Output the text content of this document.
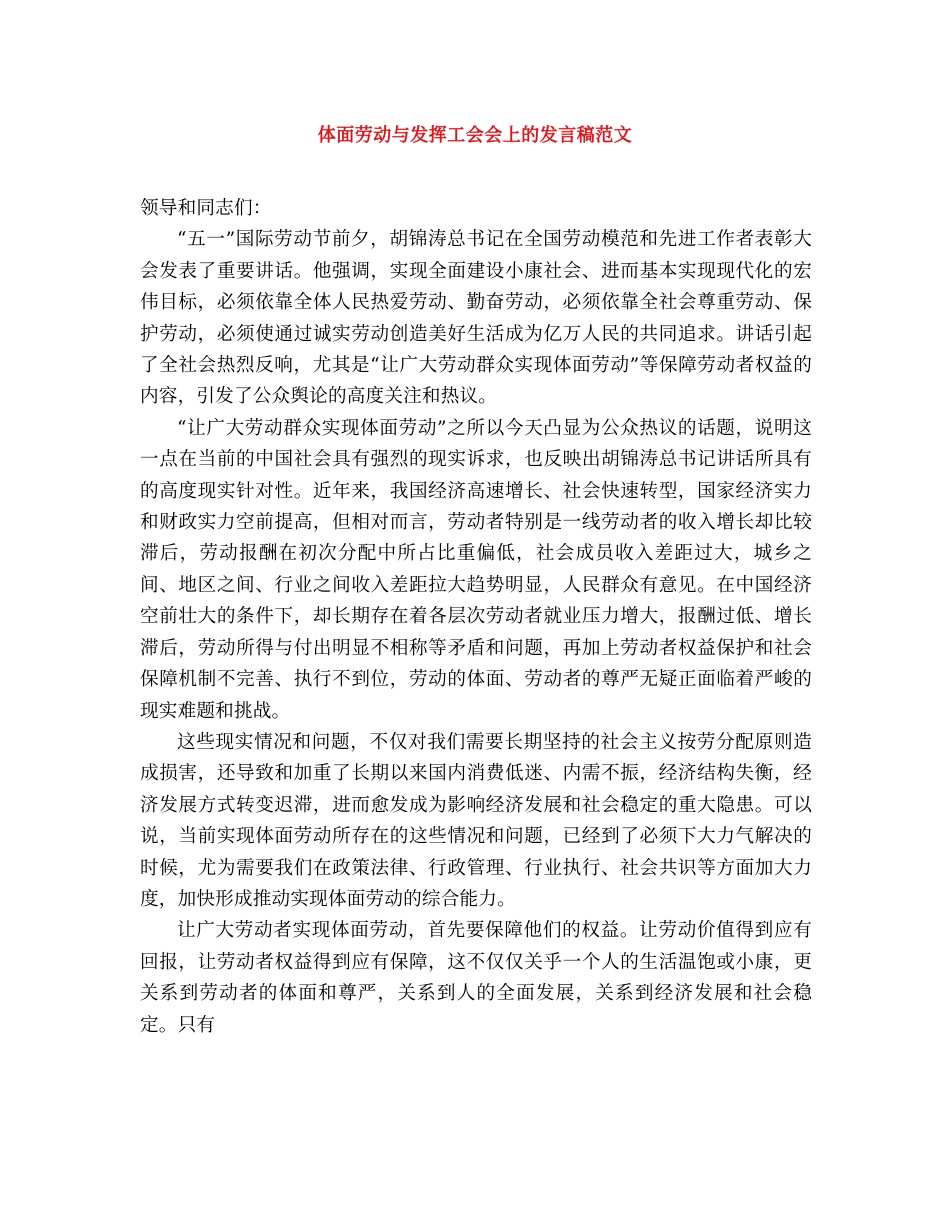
体面劳动与发挥工会会上的发言稿范文

领导和同志们：

“五一”国际劳动节前夕，胡锦涛总书记在全国劳动模范和先进工作者表彰大会发表了重要讲话。他强调，实现全面建设小康社会、进而基本实现现代化的宏伟目标，必须依靠全体人民热爱劳动、勤奋劳动，必须依靠全社会尊重劳动、保护劳动，必须使通过诚实劳动创造美好生活成为亿万人民的共同追求。讲话引起了全社会热烈反响，尤其是“让广大劳动群众实现体面劳动”等保障劳动者权益的内容，引发了公众舆论的高度关注和热议。

“让广大劳动群众实现体面劳动”之所以今天凸显为公众热议的话题，说明这一点在当前的中国社会具有强烈的现实诉求，也反映出胡锦涛总书记讲话所具有的高度现实针对性。近年来，我国经济高速增长、社会快速转型，国家经济实力和财政实力空前提高，但相对而言，劳动者特别是一线劳动者的收入增长却比较滞后，劳动报酬在初次分配中所占比重偏低，社会成员收入差距过大，城乡之间、地区之间、行业之间收入差距拉大趋势明显，人民群众有意见。在中国经济空前壮大的条件下，却长期存在着各层次劳动者就业压力增大，报酬过低、增长滞后，劳动所得与付出明显不相称等矛盾和问题，再加上劳动者权益保护和社会保障机制不完善、执行不到位，劳动的体面、劳动者的尊严无疑正面临着严峻的现实难题和挑战。

这些现实情况和问题，不仅对我们需要长期坚持的社会主义按劳分配原则造成损害，还导致和加重了长期以来国内消费低迷、内需不振，经济结构失衡，经济发展方式转变迟滞，进而愈发成为影响经济发展和社会稳定的重大隐患。可以说，当前实现体面劳动所存在的这些情况和问题，已经到了必须下大力气解决的时候，尤为需要我们在政策法律、行政管理、行业执行、社会共识等方面加大力度，加快形成推动实现体面劳动的综合能力。

让广大劳动者实现体面劳动，首先要保障他们的权益。让劳动价值得到应有回报，让劳动者权益得到应有保障，这不仅仅关乎一个人的生活温饱或小康，更关系到劳动者的体面和尊严，关系到人的全面发展，关系到经济发展和社会稳定。只有
